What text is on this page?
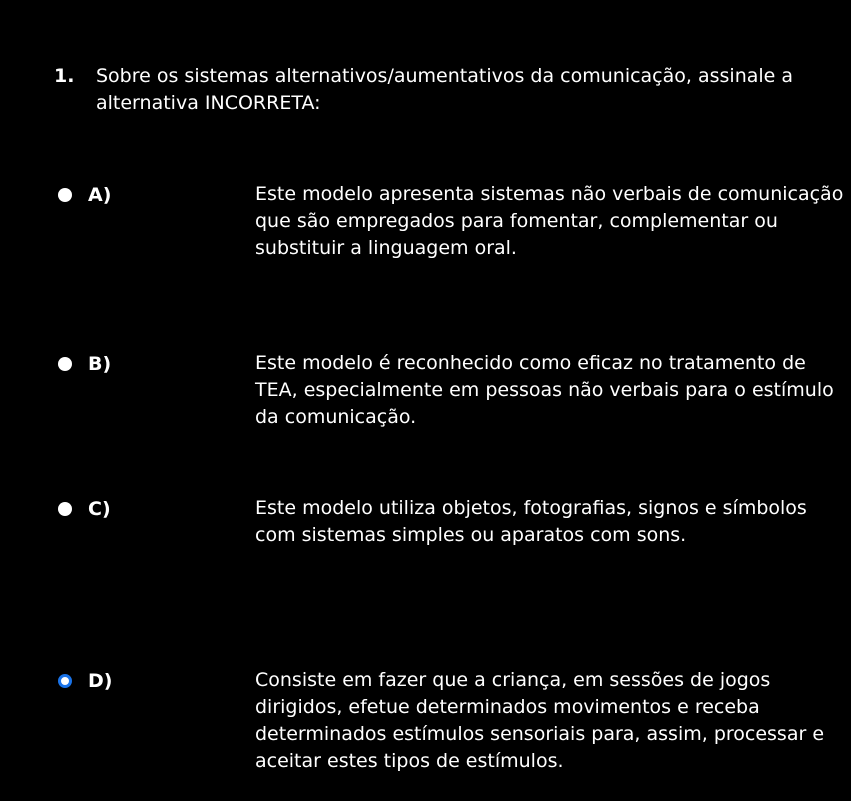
1.	Sobre os sistemas alternativos/aumentativos da comunicação, assinale a alternativa INCORRETA:
A)	Este modelo apresenta sistemas não verbais de comunicação que são empregados para fomentar, complementar ou substituir a linguagem oral.
B)	Este modelo é reconhecido como eficaz no tratamento de TEA, especialmente em pessoas não verbais para o estímulo da comunicação.
C)	Este modelo utiliza objetos, fotografias, signos e símbolos com sistemas simples ou aparatos com sons.
D)	Consiste em fazer que a criança, em sessões de jogos dirigidos, efetue determinados movimentos e receba determinados estímulos sensoriais para, assim, processar e aceitar estes tipos de estímulos.
